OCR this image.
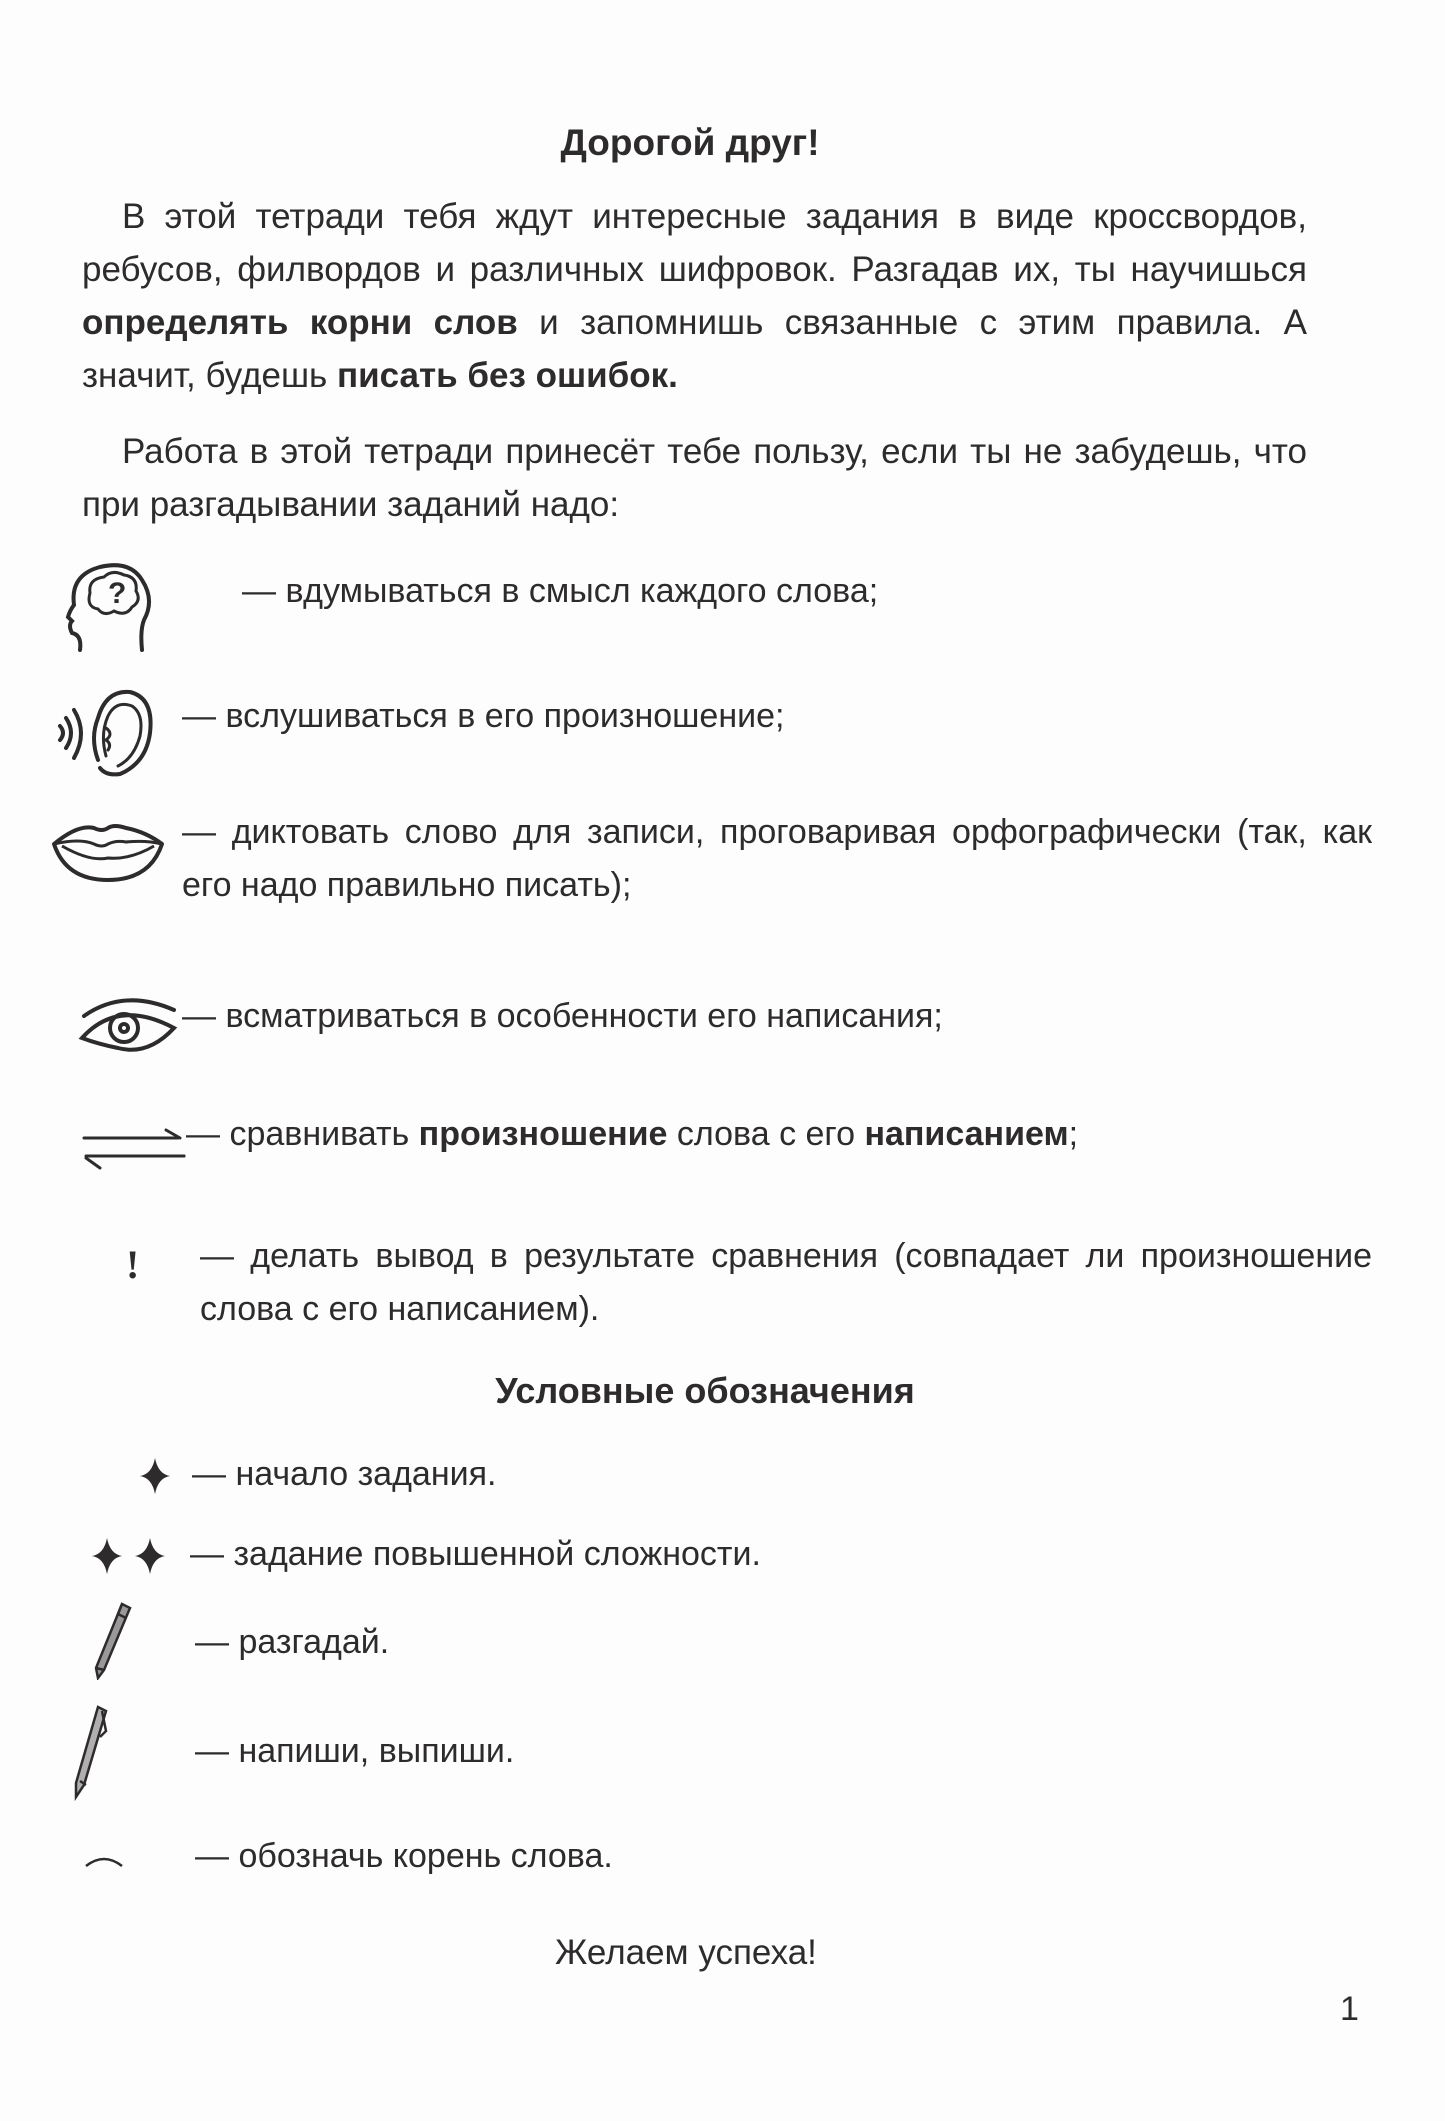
Дорогой друг!
В этой тетради тебя ждут интересные задания в виде кроссвордов, ребусов, филвордов и различных шифровок. Разгадав их, ты научишься определять корни слов и запомнишь связанные с этим правила. А значит, будешь писать без ошибок.
Работа в этой тетради принесёт тебе пользу, если ты не забудешь, что при разгадывании заданий надо:
?	— вдумываться в смысл каждого слова;
— вслушиваться в его произношение;
— диктовать слово для записи, проговаривая орфографически (так, как его надо правильно писать);
— всматриваться в особенности его написания;
— сравнивать произношение слова с его написанием;
! — делать вывод в результате сравнения (совпадает ли произношение слова с его написанием).
Условные обозначения
— начало задания.
— задание повышенной сложности.
— разгадай.
— напиши, выпиши.
— обозначь корень слова.
Желаем успеха!
1
